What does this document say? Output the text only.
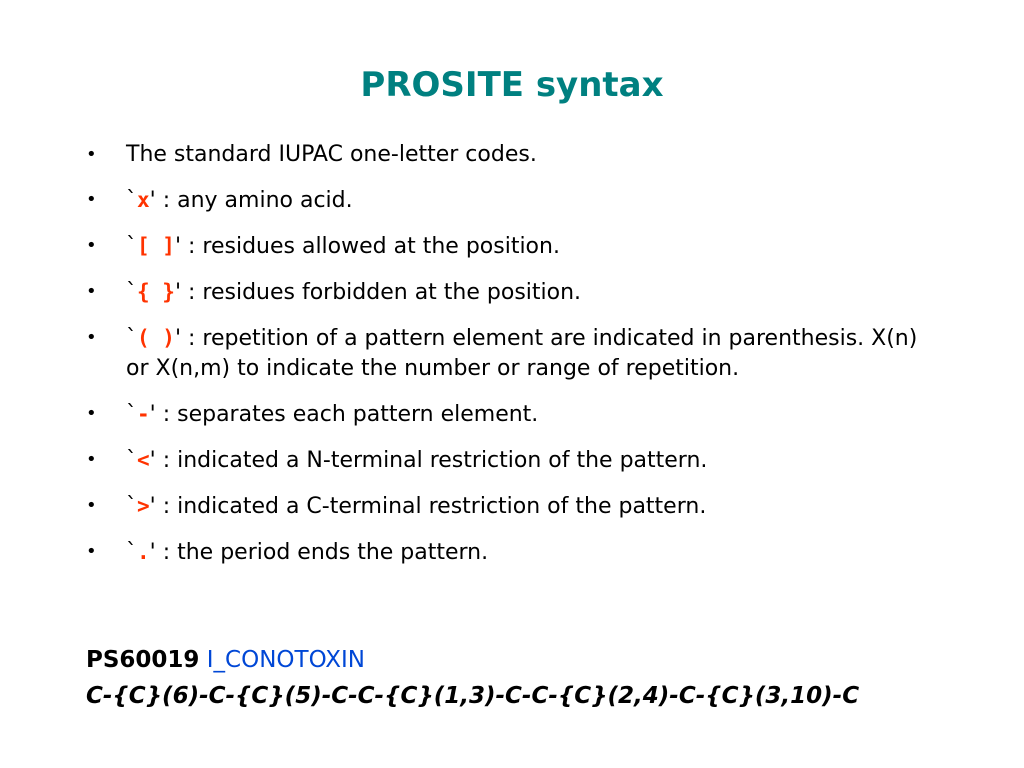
PROSITE syntax
•	The standard IUPAC one-letter codes.
•	`x' : any amino acid.
•	`[ ]' : residues allowed at the position.
•	`{ }' : residues forbidden at the position.
•	`( )' : repetition of a pattern element are indicated in parenthesis. X(n) or X(n,m) to indicate the number or range of repetition.
•	`-' : separates each pattern element.
•	`<' : indicated a N-terminal restriction of the pattern.
•	`>' : indicated a C-terminal restriction of the pattern.
•	`.' : the period ends the pattern.
PS60019 I_CONOTOXIN
C-{C}(6)-C-{C}(5)-C-C-{C}(1,3)-C-C-{C}(2,4)-C-{C}(3,10)-C
